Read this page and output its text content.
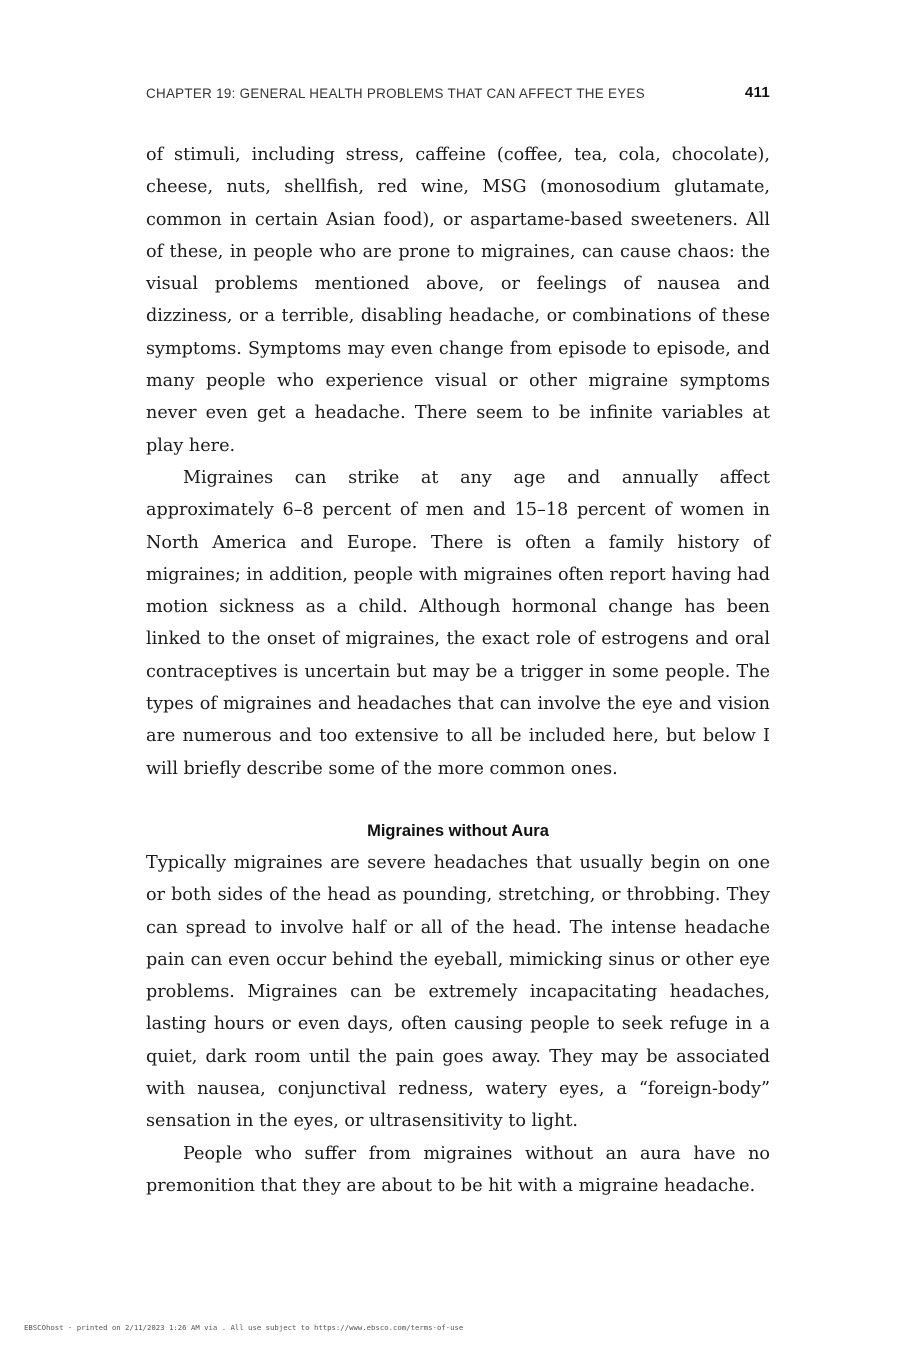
CHAPTER 19: GENERAL HEALTH PROBLEMS THAT CAN AFFECT THE EYES	411

of stimuli, including stress, caffeine (coffee, tea, cola, chocolate), cheese, nuts, shellfish, red wine, MSG (monosodium glutamate, common in certain Asian food), or aspartame-based sweeteners. All of these, in people who are prone to migraines, can cause chaos: the visual problems mentioned above, or feelings of nausea and dizziness, or a terrible, disabling headache, or combinations of these symptoms. Symptoms may even change from episode to episode, and many people who experience visual or other migraine symptoms never even get a headache. There seem to be infinite variables at play here.

Migraines can strike at any age and annually affect approximately 6–8 percent of men and 15–18 percent of women in North America and Europe. There is often a family history of migraines; in addition, people with migraines often report having had motion sickness as a child. Although hormonal change has been linked to the onset of migraines, the exact role of estrogens and oral contraceptives is uncertain but may be a trigger in some people. The types of migraines and headaches that can involve the eye and vision are numerous and too extensive to all be included here, but below I will briefly describe some of the more common ones.

Migraines without Aura

Typically migraines are severe headaches that usually begin on one or both sides of the head as pounding, stretching, or throbbing. They can spread to involve half or all of the head. The intense headache pain can even occur behind the eyeball, mimicking sinus or other eye problems. Migraines can be extremely incapacitating headaches, lasting hours or even days, often causing people to seek refuge in a quiet, dark room until the pain goes away. They may be associated with nausea, conjunctival redness, watery eyes, a “foreign-body” sensation in the eyes, or ultrasensitivity to light.

People who suffer from migraines without an aura have no premonition that they are about to be hit with a migraine headache.

EBSCOhost - printed on 2/11/2023 1:26 AM via . All use subject to https://www.ebsco.com/terms-of-use
